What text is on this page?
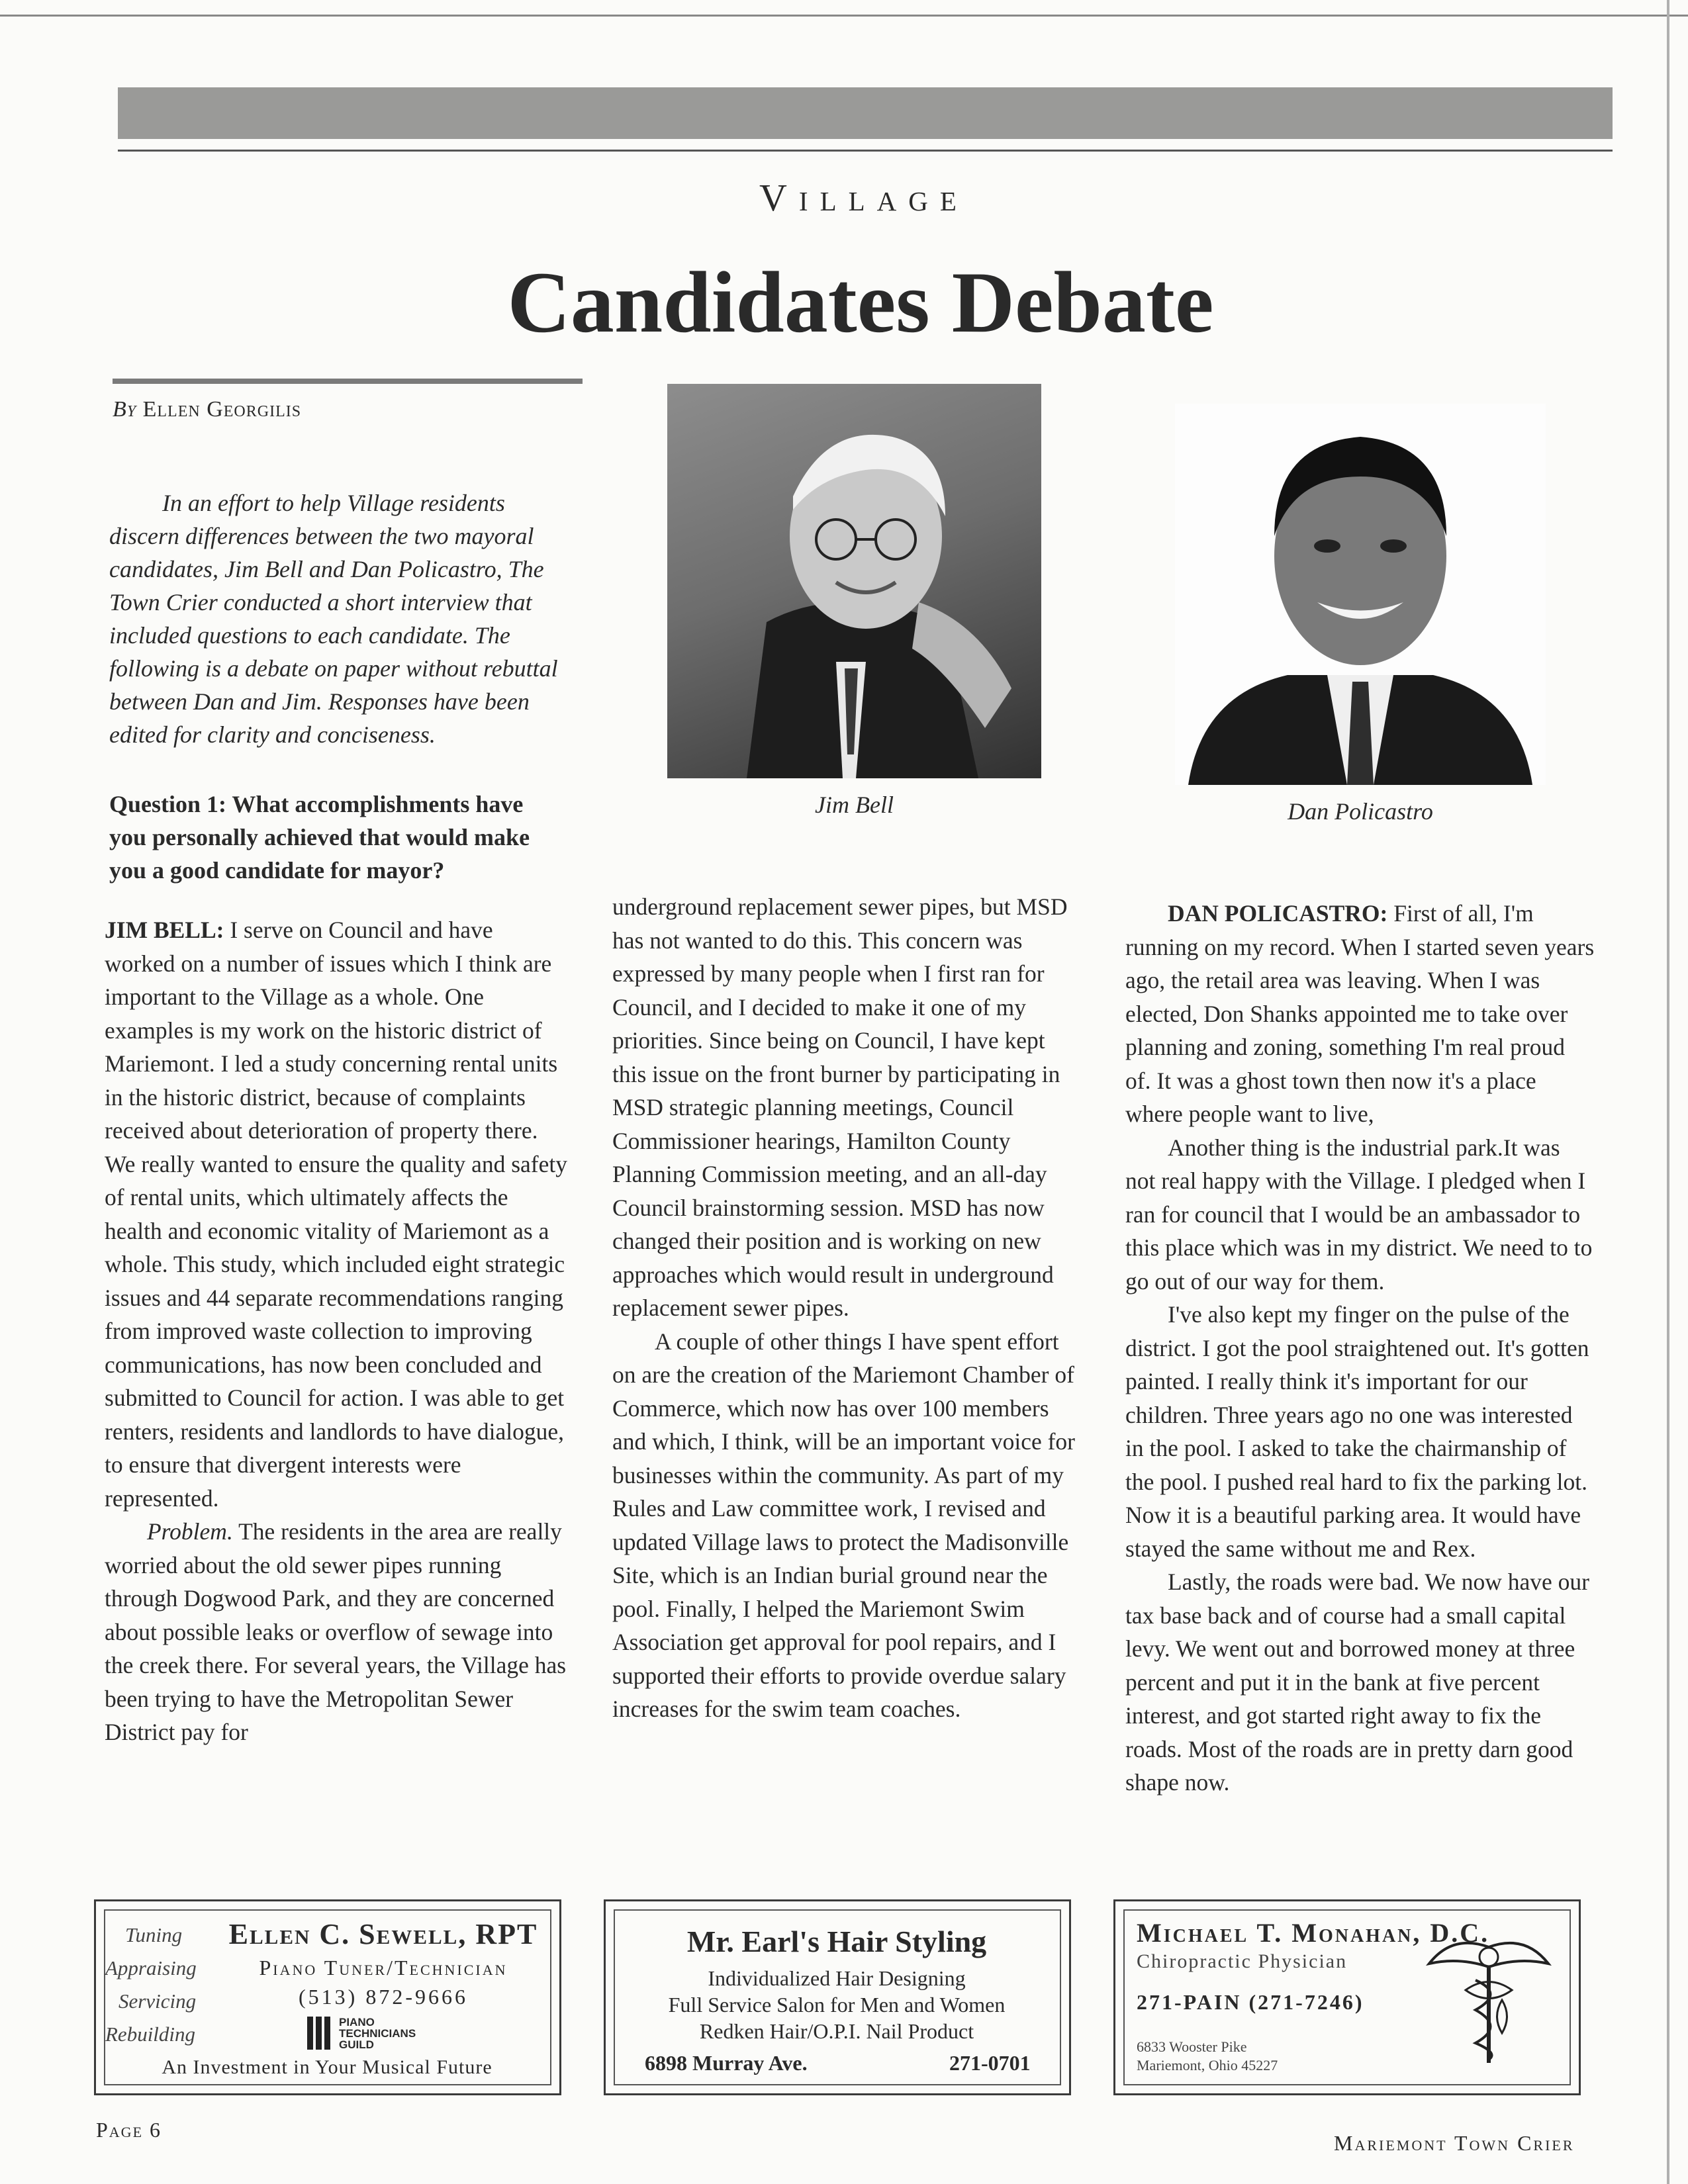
Village
Candidates Debate
By Ellen Georgilis
In an effort to help Village residents discern differences between the two mayoral candidates, Jim Bell and Dan Policastro, The Town Crier conducted a short interview that included questions to each candidate. The following is a debate on paper without rebuttal between Dan and Jim. Responses have been edited for clarity and conciseness.
Question 1: What accomplishments have you personally achieved that would make you a good candidate for mayor?
Jim Bell	Dan Policastro

JIM BELL: I serve on Council and have worked on a number of issues which I think are important to the Village as a whole. One examples is my work on the historic district of Mariemont. I led a study concerning rental units in the historic district, because of complaints received about deterioration of property there. We really wanted to ensure the quality and safety of rental units, which ultimately affects the health and economic vitality of Mariemont as a whole. This study, which included eight strategic issues and 44 separate recommendations ranging from improved waste collection to improving communications, has now been concluded and submitted to Council for action. I was able to get renters, residents and landlords to have dialogue, to ensure that divergent interests were represented.

Problem. The residents in the area are really worried about the old sewer pipes running through Dogwood Park, and they are concerned about possible leaks or overflow of sewage into the creek there. For several years, the Village has been trying to have the Metropolitan Sewer District pay for

underground replacement sewer pipes, but MSD has not wanted to do this. This concern was expressed by many people when I first ran for Council, and I decided to make it one of my priorities. Since being on Council, I have kept this issue on the front burner by participating in MSD strategic planning meetings, Council Commissioner hearings, Hamilton County Planning Commission meeting, and an all-day Council brainstorming session. MSD has now changed their position and is working on new approaches which would result in underground replacement sewer pipes.

A couple of other things I have spent effort on are the creation of the Mariemont Chamber of Commerce, which now has over 100 members and which, I think, will be an important voice for businesses within the community. As part of my Rules and Law committee work, I revised and updated Village laws to protect the Madisonville Site, which is an Indian burial ground near the pool. Finally, I helped the Mariemont Swim Association get approval for pool repairs, and I supported their efforts to provide overdue salary increases for the swim team coaches.

DAN POLICASTRO: First of all, I'm running on my record. When I started seven years ago, the retail area was leaving. When I was elected, Don Shanks appointed me to take over planning and zoning, something I'm real proud of. It was a ghost town then now it's a place where people want to live,

Another thing is the industrial park.It was not real happy with the Village. I pledged when I ran for council that I would be an ambassador to this place which was in my district. We need to to go out of our way for them.

I've also kept my finger on the pulse of the district. I got the pool straightened out. It's gotten painted. I really think it's important for our children. Three years ago no one was interested in the pool. I asked to take the chairmanship of the pool. I pushed real hard to fix the parking lot. Now it is a beautiful parking area. It would have stayed the same without me and Rex.

Lastly, the roads were bad. We now have our tax base back and of course had a small capital levy. We went out and borrowed money at three percent and put it in the bank at five percent interest, and got started right away to fix the roads. Most of the roads are in pretty darn good shape now.

Tuning
Appraising
Servicing
Rebuilding
Ellen C. Sewell, RPT
Piano Tuner/Technician
(513) 872-9666
PIANO TECHNICIANS GUILD
An Investment in Your Musical Future
Mr. Earl's Hair Styling
Individualized Hair Designing
Full Service Salon for Men and Women
Redken Hair/O.P.I. Nail Product
6898 Murray Ave.	271-0701
Michael T. Monahan, D.C.
Chiropractic Physician
271-PAIN (271-7246)
6833 Wooster Pike
Mariemont, Ohio 45227
Page 6
Mariemont Town Crier
